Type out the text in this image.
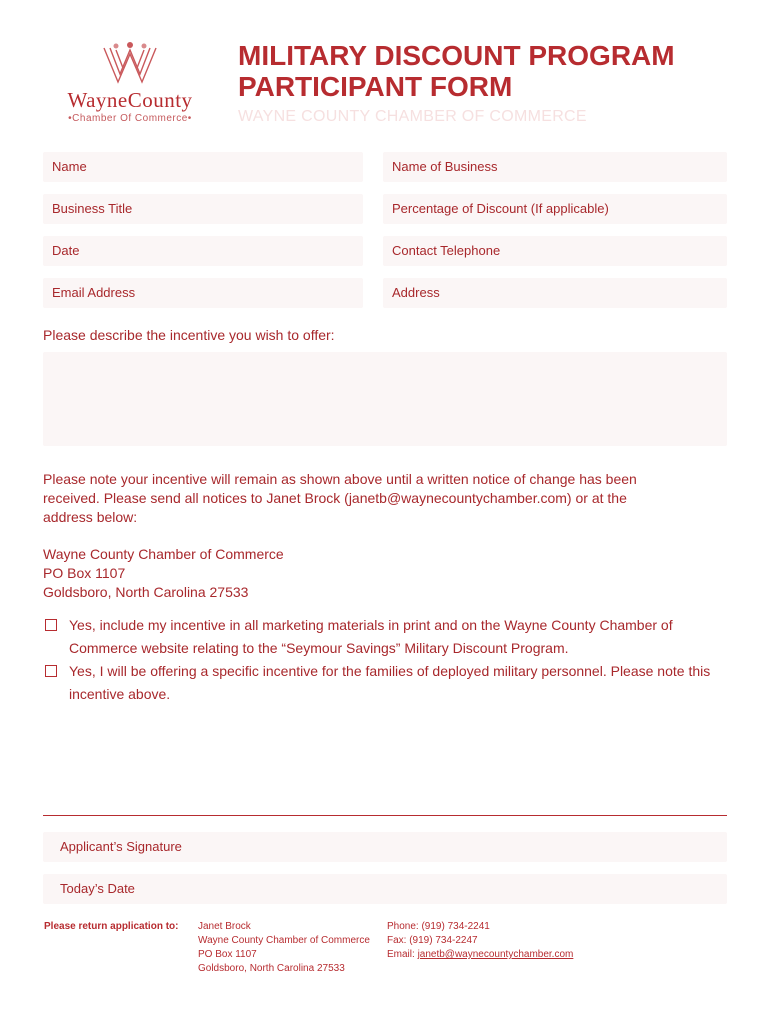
WayneCounty
•Chamber Of Commerce•
MILITARY DISCOUNT PROGRAM
PARTICIPANT FORM
WAYNE COUNTY CHAMBER OF COMMERCE
Name	Name of Business
Business Title	Percentage of Discount (If applicable)
Date	Contact Telephone
Email Address	Address
Please describe the incentive you wish to offer:
Please note your incentive will remain as shown above until a written notice of change has been received. Please send all notices to Janet Brock (janetb@waynecountychamber.com) or at the address below:
Wayne County Chamber of Commerce
PO Box 1107
Goldsboro, North Carolina 27533
Yes, include my incentive in all marketing materials in print and on the Wayne County Chamber of Commerce website relating to the “Seymour Savings” Military Discount Program.
Yes, I will be offering a specific incentive for the families of deployed military personnel. Please note this incentive above.
Applicant’s Signature
Today’s Date
Please return application to: Janet Brock
Wayne County Chamber of Commerce
PO Box 1107
Goldsboro, North Carolina 27533
Phone: (919) 734-2241
Fax: (919) 734-2247
Email: janetb@waynecountychamber.com
